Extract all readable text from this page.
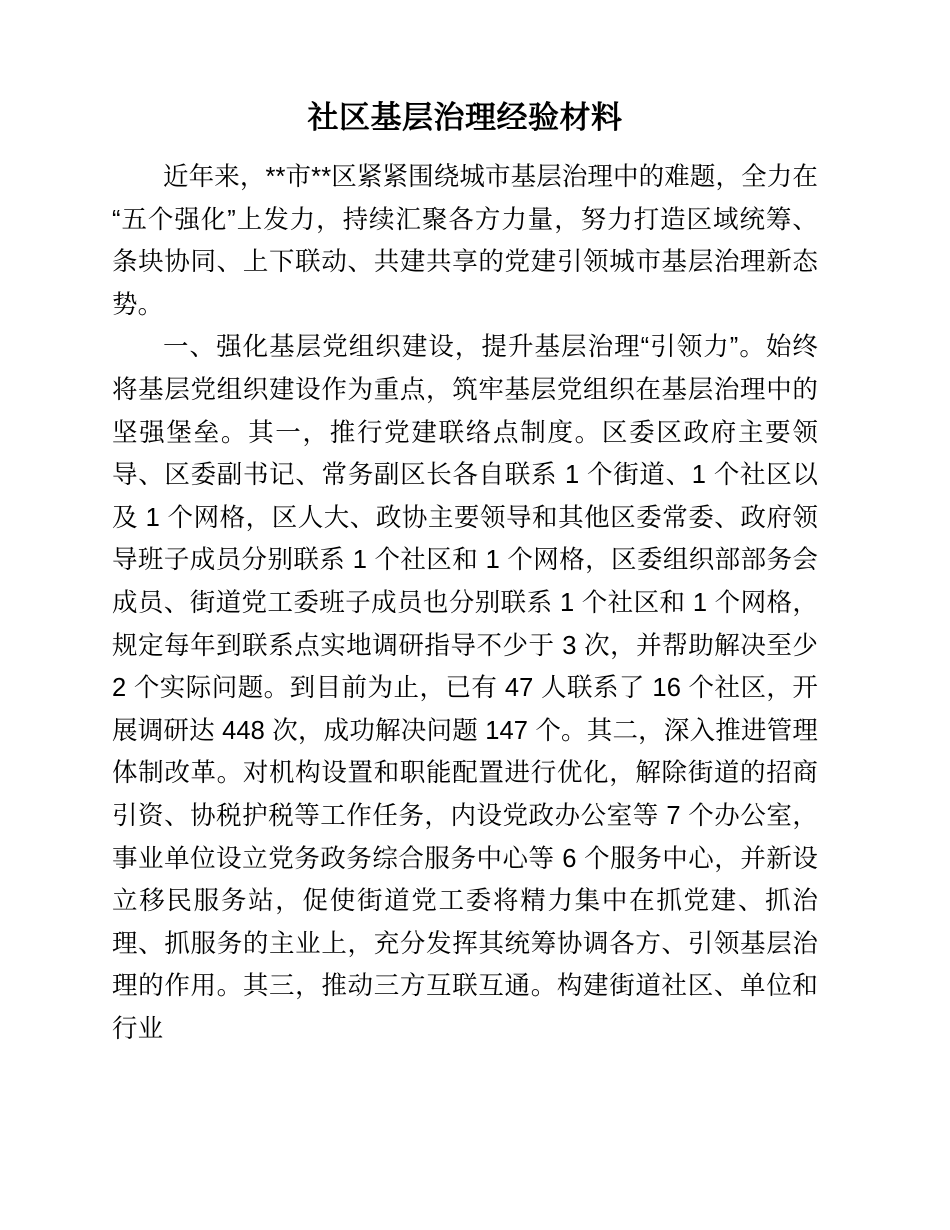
社区基层治理经验材料

近年来，**市**区紧紧围绕城市基层治理中的难题，全力在“五个强化”上发力，持续汇聚各方力量，努力打造区域统筹、条块协同、上下联动、共建共享的党建引领城市基层治理新态势。

一、强化基层党组织建设，提升基层治理“引领力”。始终将基层党组织建设作为重点，筑牢基层党组织在基层治理中的坚强堡垒。其一，推行党建联络点制度。区委区政府主要领导、区委副书记、常务副区长各自联系 1 个街道、1 个社区以及 1 个网格，区人大、政协主要领导和其他区委常委、政府领导班子成员分别联系 1 个社区和 1 个网格，区委组织部部务会成员、街道党工委班子成员也分别联系 1 个社区和 1 个网格，规定每年到联系点实地调研指导不少于 3 次，并帮助解决至少 2 个实际问题。到目前为止，已有 47 人联系了 16 个社区，开展调研达 448 次，成功解决问题 147 个。其二，深入推进管理体制改革。对机构设置和职能配置进行优化，解除街道的招商引资、协税护税等工作任务，内设党政办公室等 7 个办公室，事业单位设立党务政务综合服务中心等 6 个服务中心，并新设立移民服务站，促使街道党工委将精力集中在抓党建、抓治理、抓服务的主业上，充分发挥其统筹协调各方、引领基层治理的作用。其三，推动三方互联互通。构建街道社区、单位和行业
